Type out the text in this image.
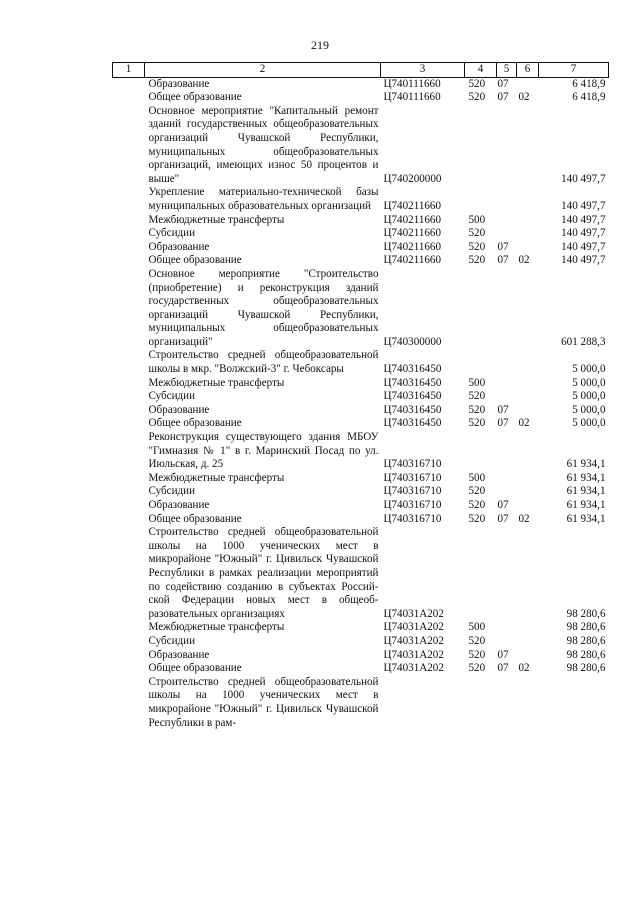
219
1	2	3	4	5	6	7
	Образование	Ц740111660	520	07		6 418,9
	Общее образование	Ц740111660	520	07	02	6 418,9
	Основное мероприятие "Капитальный ремонт зданий государственных общеобразовательных организаций Чувашской Республики, муниципальных общеобразовательных организаций, имеющих износ 50 процентов и выше"	Ц740200000				140 497,7
	Укрепление материально-технической базы муниципальных образовательных организаций	Ц740211660				140 497,7
	Межбюджетные трансферты	Ц740211660	500			140 497,7
	Субсидии	Ц740211660	520			140 497,7
	Образование	Ц740211660	520	07		140 497,7
	Общее образование	Ц740211660	520	07	02	140 497,7
	Основное мероприятие "Строительство (приобретение) и реконструкция зданий государственных общеобразовательных организаций Чувашской Республики, муниципальных общеобразовательных организаций"	Ц740300000				601 288,3
	Строительство средней общеобразовательной школы в мкр. "Волжский-3" г. Чебоксары	Ц740316450				5 000,0
	Межбюджетные трансферты	Ц740316450	500			5 000,0
	Субсидии	Ц740316450	520			5 000,0
	Образование	Ц740316450	520	07		5 000,0
	Общее образование	Ц740316450	520	07	02	5 000,0
	Реконструкция существующего здания МБОУ "Гимназия № 1" в г. Маринский Посад по ул. Июльская, д. 25	Ц740316710				61 934,1
	Межбюджетные трансферты	Ц740316710	500			61 934,1
	Субсидии	Ц740316710	520			61 934,1
	Образование	Ц740316710	520	07		61 934,1
	Общее образование	Ц740316710	520	07	02	61 934,1
	Строительство средней общеобразовательной школы на 1000 ученических мест в микрорайоне "Южный" г. Цивильск Чувашской Республики в рамках реализации мероприятий по содействию созданию в субъектах Российской Федерации новых мест в общеобразовательных организациях	Ц74031А202				98 280,6
	Межбюджетные трансферты	Ц74031А202	500			98 280,6
	Субсидии	Ц74031А202	520			98 280,6
	Образование	Ц74031А202	520	07		98 280,6
	Общее образование	Ц74031А202	520	07	02	98 280,6
	Строительство средней общеобразовательной школы на 1000 ученических мест в микрорайоне "Южный" г. Цивильск Чувашской Республики в рам-					
